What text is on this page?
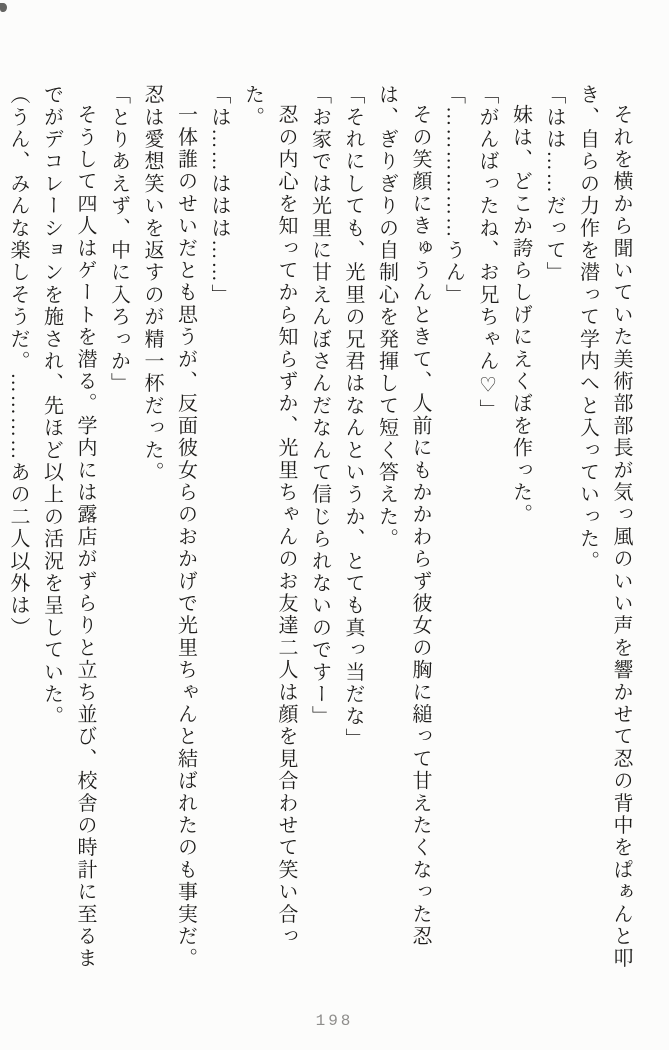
それを横から聞いていた美術部部長が気っ風のいい声を響かせて忍の背中をぱぁんと叩き、自らの力作を潜って学内へと入っていった。

「はは……だって」

妹は、どこか誇らしげにえくぼを作った。

「がんばったね、お兄ちゃん♡」

「………………うん」

その笑顔にきゅうんときて、人前にもかかわらず彼女の胸に縋って甘えたくなった忍は、ぎりぎりの自制心を発揮して短く答えた。

「それにしても、光里の兄君はなんというか、とても真っ当だな」

「お家では光里に甘えんぼさんだなんて信じられないのですー」

忍の内心を知ってから知らずか、光里ちゃんのお友達二人は顔を見合わせて笑い合った。

「は……ははは……」

一体誰のせいだとも思うが、反面彼女らのおかげで光里ちゃんと結ばれたのも事実だ。忍は愛想笑いを返すのが精一杯だった。

「とりあえず、中に入ろっか」

そうして四人はゲートを潜る。学内には露店がずらりと立ち並び、校舎の時計に至るまでがデコレーションを施され、先ほど以上の活況を呈していた。

（うん、みんな楽しそうだ。…………あの二人以外は）

198
